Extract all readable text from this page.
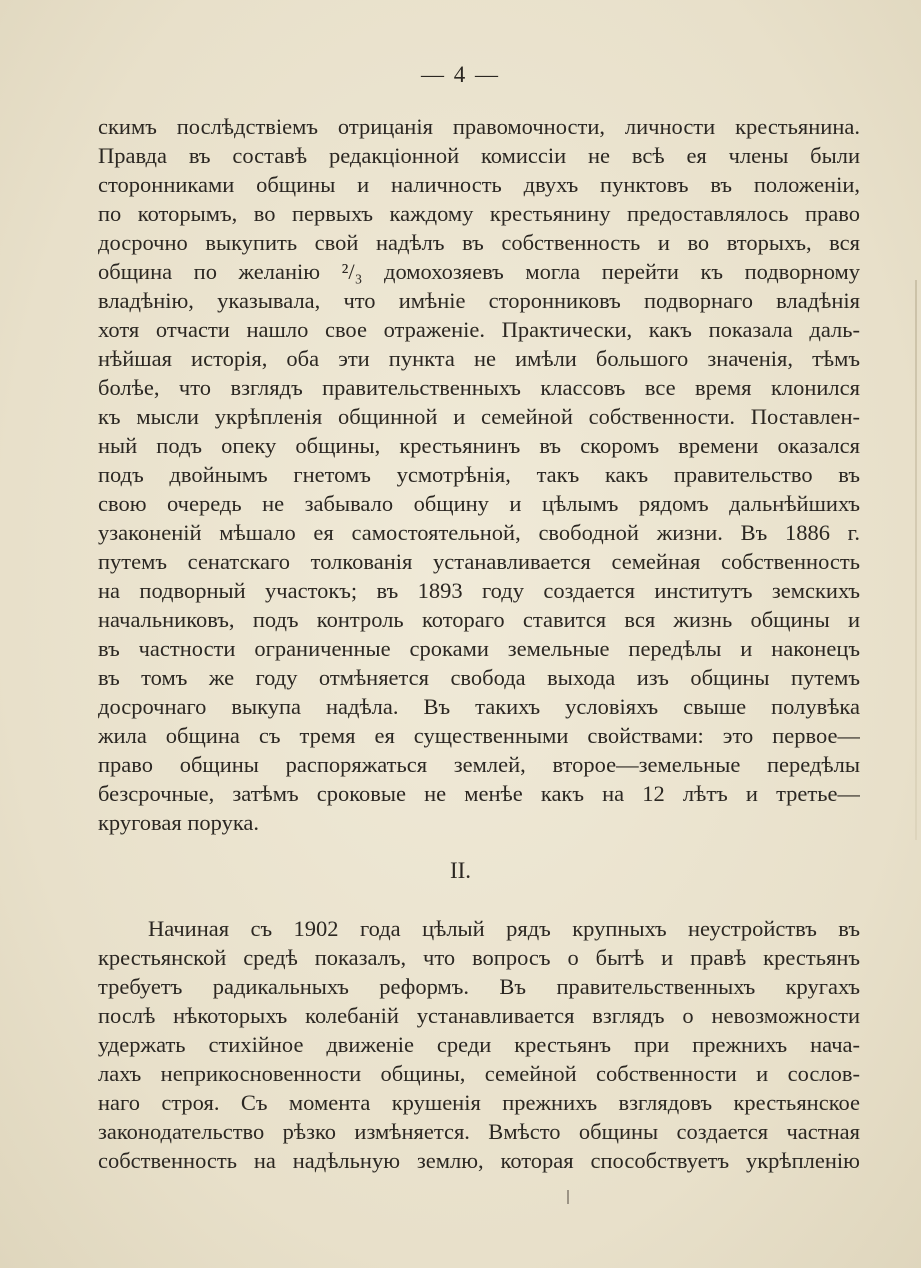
— 4 —
скимъ послѣдствіемъ отрицанія правомочности, личности крестьянина.
Правда въ составѣ редакціонной комиссіи не всѣ ея члены были
сторонниками общины и наличность двухъ пунктовъ въ положеніи,
по которымъ, во первыхъ каждому крестьянину предоставлялось право
досрочно выкупить свой надѣлъ въ собственность и во вторыхъ, вся
община по желанію ²/₃ домохозяевъ могла перейти къ подворному
владѣнію, указывала, что имѣніе сторонниковъ подворнаго владѣнія
хотя отчасти нашло свое отраженіе. Практически, какъ показала даль-
нѣйшая исторія, оба эти пункта не имѣли большого значенія, тѣмъ
болѣе, что взглядъ правительственныхъ классовъ все время клонился
къ мысли укрѣпленія общинной и семейной собственности. Поставлен-
ный подъ опеку общины, крестьянинъ въ скоромъ времени оказался
подъ двойнымъ гнетомъ усмотрѣнія, такъ какъ правительство въ
свою очередь не забывало общину и цѣлымъ рядомъ дальнѣйшихъ
узаконеній мѣшало ея самостоятельной, свободной жизни. Въ 1886 г.
путемъ сенатскаго толкованія устанавливается семейная собственность
на подворный участокъ; въ 1893 году создается институтъ земскихъ
начальниковъ, подъ контроль котораго ставится вся жизнь общины и
въ частности ограниченные сроками земельные передѣлы и наконецъ
въ томъ же году отмѣняется свобода выхода изъ общины путемъ
досрочнаго выкупа надѣла. Въ такихъ условіяхъ свыше полувѣка
жила община съ тремя ея существенными свойствами: это первое—
право общины распоряжаться землей, второе—земельные передѣлы
безсрочные, затѣмъ сроковые не менѣе какъ на 12 лѣтъ и третье—
круговая порука.
II.
Начиная съ 1902 года цѣлый рядъ крупныхъ неустройствъ въ
крестьянской средѣ показалъ, что вопросъ о бытѣ и правѣ крестьянъ
требуетъ радикальныхъ реформъ. Въ правительственныхъ кругахъ
послѣ нѣкоторыхъ колебаній устанавливается взглядъ о невозможности
удержать стихійное движеніе среди крестьянъ при прежнихъ нача-
лахъ неприкосновенности общины, семейной собственности и сослов-
наго строя. Съ момента крушенія прежнихъ взглядовъ крестьянское
законодательство рѣзко измѣняется. Вмѣсто общины создается частная
собственность на надѣльную землю, которая способствуетъ укрѣпленію
